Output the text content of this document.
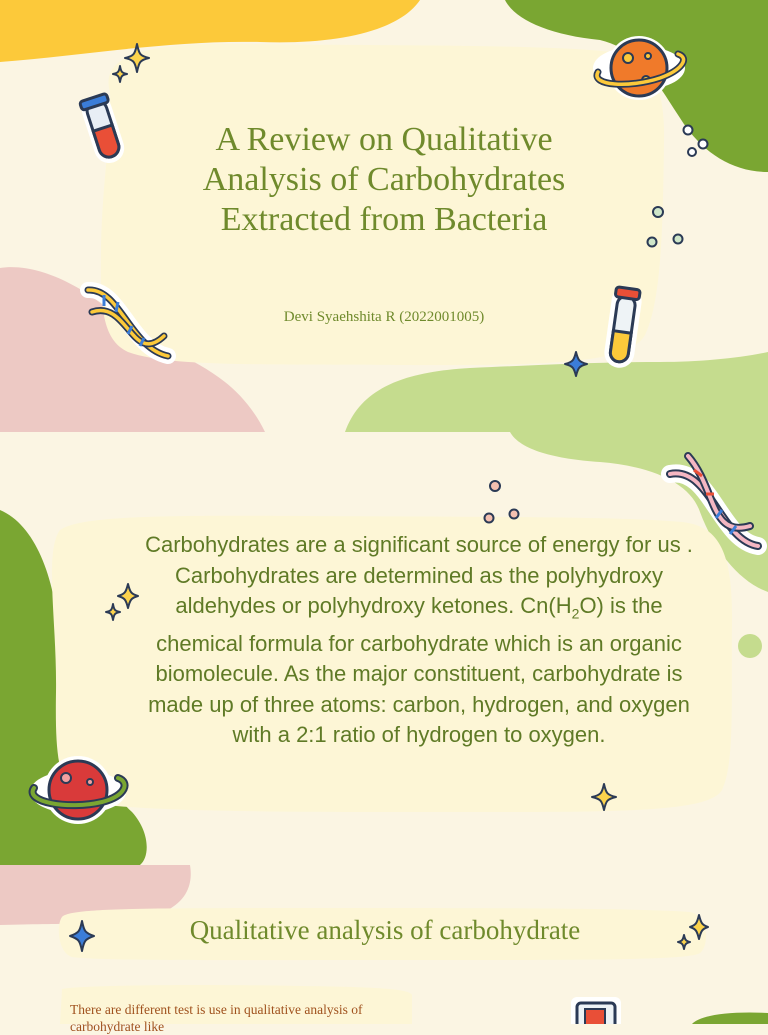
A Review on Qualitative
Analysis of Carbohydrates
Extracted from Bacteria
Devi Syaehshita R (2022001005)
Carbohydrates are a significant source of energy for us . Carbohydrates are determined as the polyhydroxy aldehydes or polyhydroxy ketones. $Cn(H_2O)$ is the chemical formula for carbohydrate which is an organic biomolecule. As the major constituent, carbohydrate is made up of three atoms: carbon, hydrogen, and oxygen with a 2:1 ratio of hydrogen to oxygen.
Qualitative analysis of carbohydrate
There are different test is use in qualitative analysis of carbohydrate like
